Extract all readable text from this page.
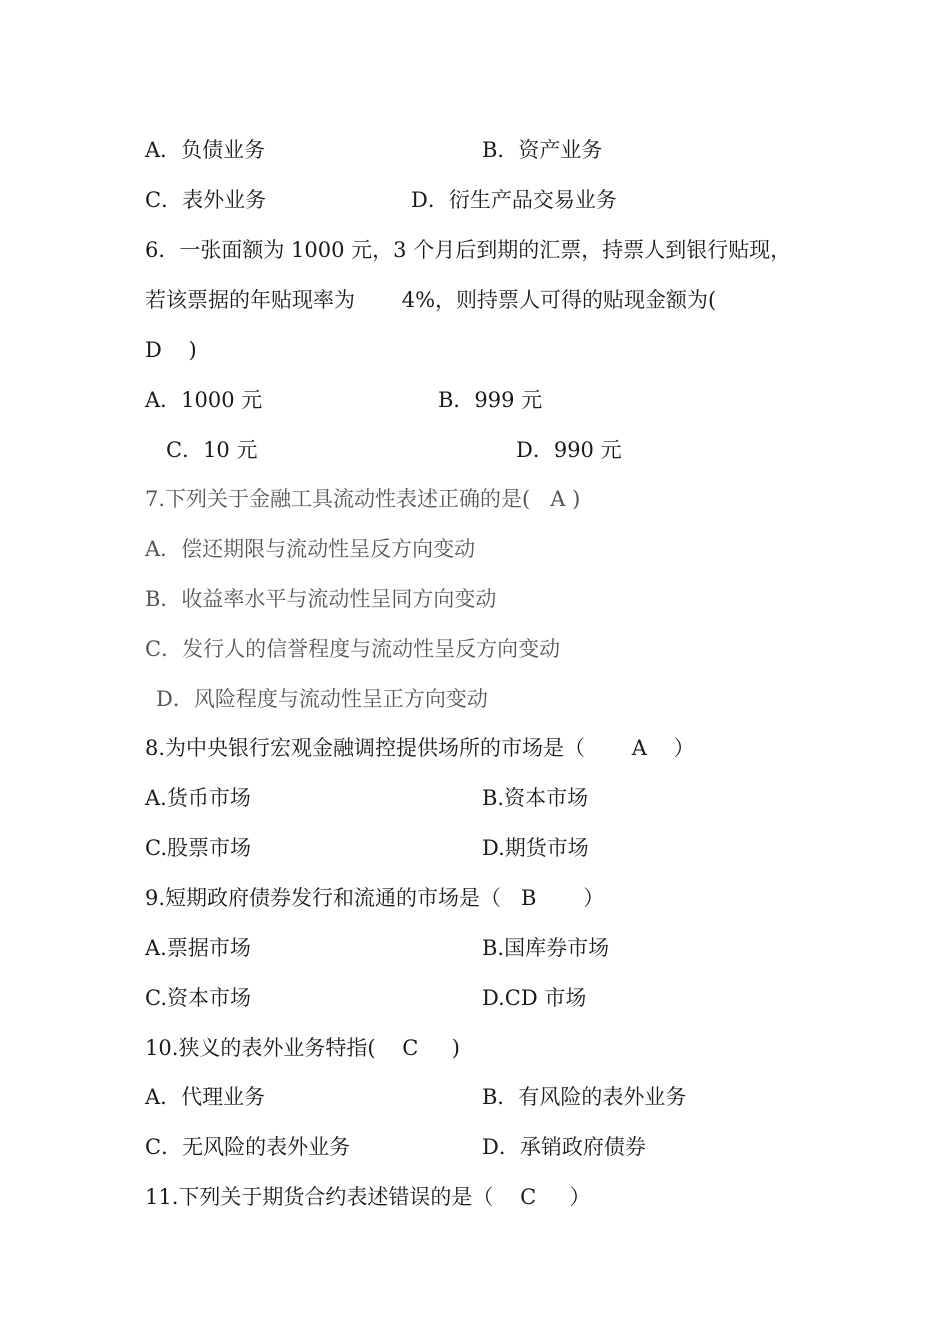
A．负债业务	B．资产业务
C．表外业务	D．衍生产品交易业务
6．一张面额为 1000 元，3 个月后到期的汇票，持票人到银行贴现，
若该票据的年贴现率为       4%，则持票人可得的贴现金额为(
D    )
A．1000 元	B．999 元
C．10 元	D．990 元
7.下列关于金融工具流动性表述正确的是(   A )
A．偿还期限与流动性呈反方向变动
B．收益率水平与流动性呈同方向变动
C．发行人的信誉程度与流动性呈反方向变动
D．风险程度与流动性呈正方向变动
8.为中央银行宏观金融调控提供场所的市场是（       A    ）
A.货币市场	B.资本市场
C.股票市场	D.期货市场
9.短期政府债券发行和流通的市场是（   B       ）
A.票据市场	B.国库券市场
C.资本市场	D.CD 市场
10.狭义的表外业务特指(    C     )
A．代理业务	B．有风险的表外业务
C．无风险的表外业务	D．承销政府债券
11.下列关于期货合约表述错误的是（    C     ）
